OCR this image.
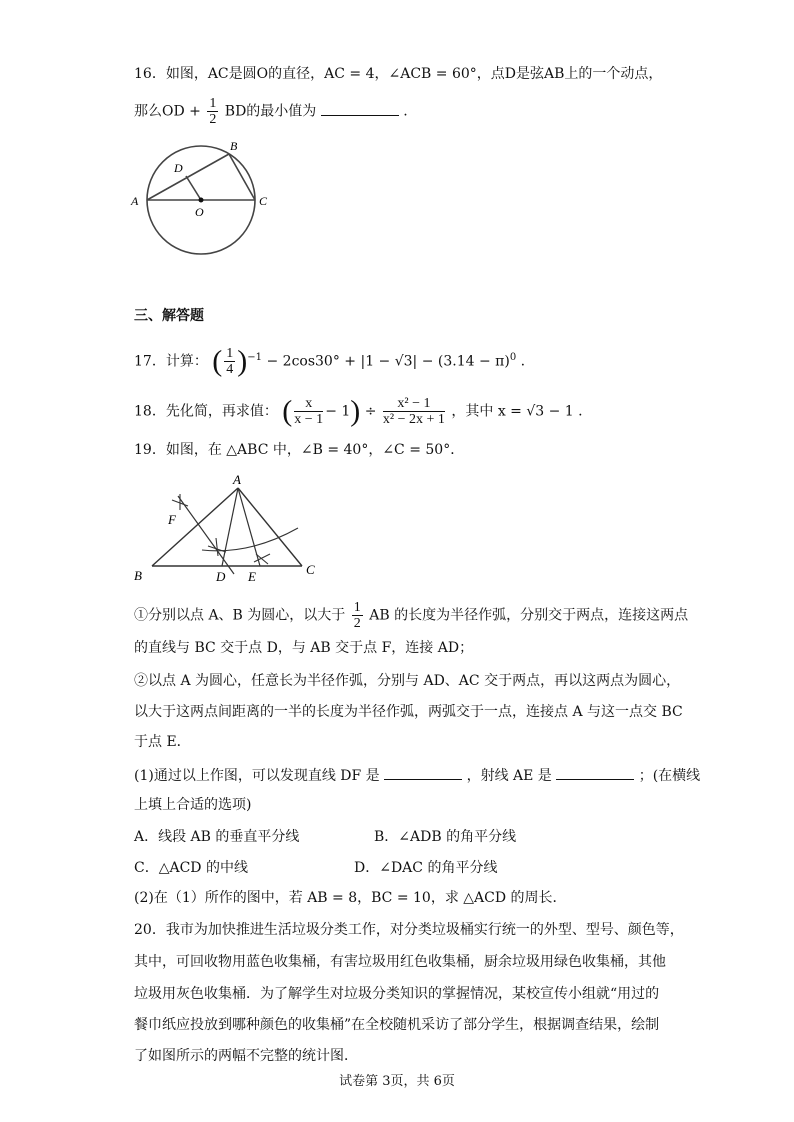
16．如图，AC是圆O的直径，AC = 4，∠ACB = 60°，点D是弦AB上的一个动点，
那么OD + $\frac{1}{2}$ BD的最小值为	.
A
B
C
D
O
三、解答题
17．计算： ( $\frac{1}{4} )^{-1} - 2\cos 30^\circ + |1 - √3| - (3.14 - \pi)^0$ .
18．先化简，再求值： ( $\frac{x}{x - 1} - 1) \div \frac{\text{x² − 1}}{\text{x² − 2x + 1}}$ ，其中 x = √3 − 1 .
19．如图，在 △ABC 中，∠B = 40°，∠C = 50°．
A
B	C
D E
F
①分别以点 A、B 为圆心，以大于 $\frac{1}{2}$ AB 的长度为半径作弧，分别交于两点，连接这两点
的直线与 BC 交于点 D，与 AB 交于点 F，连接 AD；
②以点 A 为圆心，任意长为半径作弧，分别与 AD、AC 交于两点，再以这两点为圆心，
以大于这两点间距离的一半的长度为半径作弧，两弧交于一点，连接点 A 与这一点交 BC
于点 E．
(1)通过以上作图，可以发现直线 DF 是	，射线 AE 是	；(在横线
上填上合适的选项)
A．线段 AB 的垂直平分线	B．∠ADB 的角平分线
C．△ACD 的中线	D．∠DAC 的角平分线
(2)在（1）所作的图中，若 AB = 8，BC = 10，求 △ACD 的周长．
20．我市为加快推进生活垃圾分类工作，对分类垃圾桶实行统一的外型、型号、颜色等，
其中，可回收物用蓝色收集桶，有害垃圾用红色收集桶，厨余垃圾用绿色收集桶，其他
垃圾用灰色收集桶．为了解学生对垃圾分类知识的掌握情况，某校宣传小组就“用过的
餐巾纸应投放到哪种颜色的收集桶”在全校随机采访了部分学生，根据调查结果，绘制
了如图所示的两幅不完整的统计图．
试卷第 3页，共 6页
